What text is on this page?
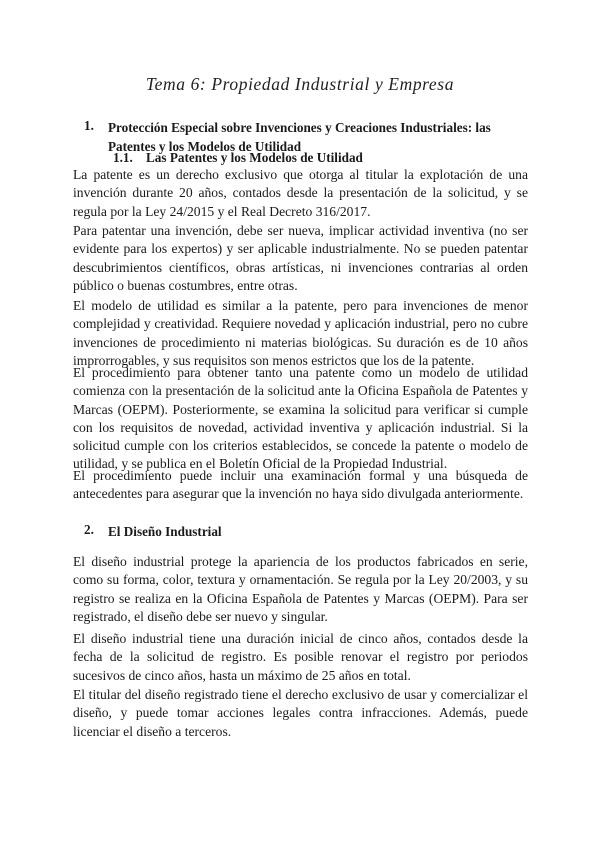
Tema 6: Propiedad Industrial y Empresa
1. Protección Especial sobre Invenciones y Creaciones Industriales: las Patentes y los Modelos de Utilidad
1.1. Las Patentes y los Modelos de Utilidad

La patente es un derecho exclusivo que otorga al titular la explotación de una invención durante 20 años, contados desde la presentación de la solicitud, y se regula por la Ley 24/2015 y el Real Decreto 316/2017.

Para patentar una invención, debe ser nueva, implicar actividad inventiva (no ser evidente para los expertos) y ser aplicable industrialmente. No se pueden patentar descubrimientos científicos, obras artísticas, ni invenciones contrarias al orden público o buenas costumbres, entre otras.

El modelo de utilidad es similar a la patente, pero para invenciones de menor complejidad y creatividad. Requiere novedad y aplicación industrial, pero no cubre invenciones de procedimiento ni materias biológicas. Su duración es de 10 años improrrogables, y sus requisitos son menos estrictos que los de la patente.

El procedimiento para obtener tanto una patente como un modelo de utilidad comienza con la presentación de la solicitud ante la Oficina Española de Patentes y Marcas (OEPM). Posteriormente, se examina la solicitud para verificar si cumple con los requisitos de novedad, actividad inventiva y aplicación industrial. Si la solicitud cumple con los criterios establecidos, se concede la patente o modelo de utilidad, y se publica en el Boletín Oficial de la Propiedad Industrial.

El procedimiento puede incluir una examinación formal y una búsqueda de antecedentes para asegurar que la invención no haya sido divulgada anteriormente.

2. El Diseño Industrial

El diseño industrial protege la apariencia de los productos fabricados en serie, como su forma, color, textura y ornamentación. Se regula por la Ley 20/2003, y su registro se realiza en la Oficina Española de Patentes y Marcas (OEPM). Para ser registrado, el diseño debe ser nuevo y singular.

El diseño industrial tiene una duración inicial de cinco años, contados desde la fecha de la solicitud de registro. Es posible renovar el registro por periodos sucesivos de cinco años, hasta un máximo de 25 años en total.

El titular del diseño registrado tiene el derecho exclusivo de usar y comercializar el diseño, y puede tomar acciones legales contra infracciones. Además, puede licenciar el diseño a terceros.
